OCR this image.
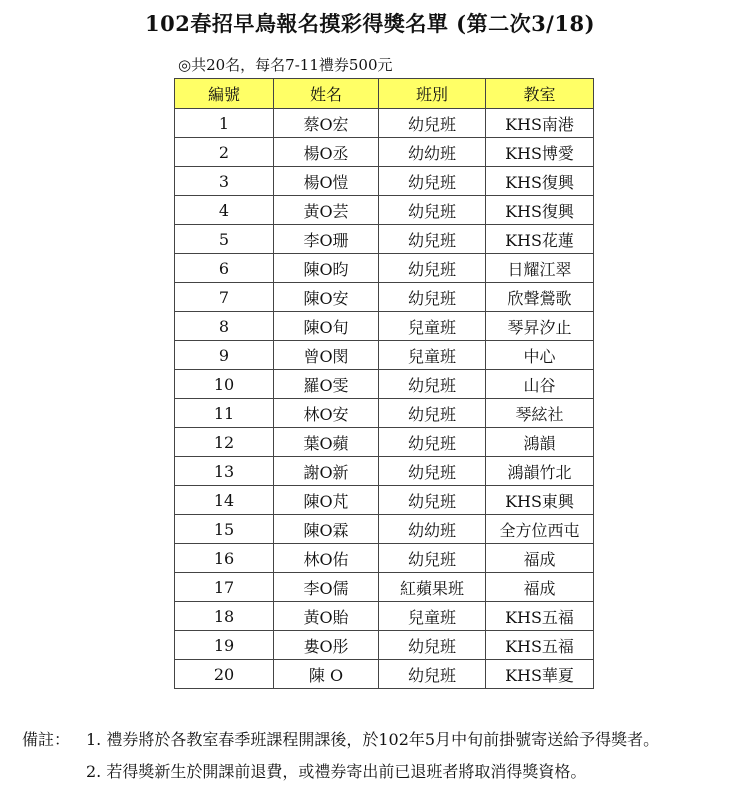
102春招早鳥報名摸彩得獎名單 (第二次3/18)
◎共20名，每名7-11禮券500元
編號	姓名	班別	教室
1	蔡O宏	幼兒班	KHS南港
2	楊O丞	幼幼班	KHS博愛
3	楊O愷	幼兒班	KHS復興
4	黃O芸	幼兒班	KHS復興
5	李O珊	幼兒班	KHS花蓮
6	陳O昀	幼兒班	日耀江翠
7	陳O安	幼兒班	欣聲鶯歌
8	陳O旬	兒童班	琴昇汐止
9	曾O閔	兒童班	中心
10	羅O雯	幼兒班	山谷
11	林O安	幼兒班	琴絃社
12	葉O蘋	幼兒班	鴻韻
13	謝O新	幼兒班	鴻韻竹北
14	陳O芃	幼兒班	KHS東興
15	陳O霖	幼幼班	全方位西屯
16	林O佑	幼兒班	福成
17	李O儒	紅蘋果班	福成
18	黃O貽	兒童班	KHS五福
19	婁O彤	幼兒班	KHS五福
20	陳 O	幼兒班	KHS華夏
備註： 1. 禮券將於各教室春季班課程開課後，於102年5月中旬前掛號寄送給予得獎者。
2. 若得獎新生於開課前退費，或禮券寄出前已退班者將取消得獎資格。
